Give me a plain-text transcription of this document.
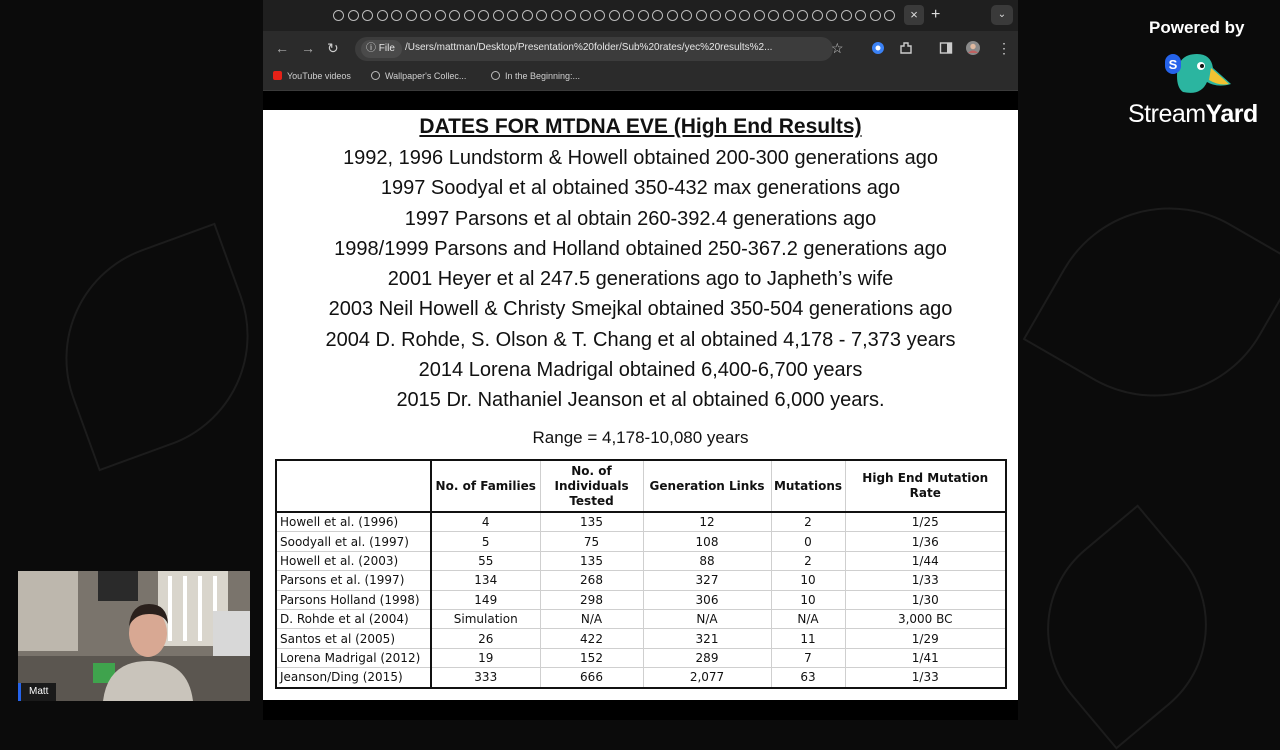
× +	⌄
← → ↻	ⓘ File	/Users/mattman/Desktop/Presentation%20folder/Sub%20rates/yec%20results%2...	☆	⋮
YouTube videos	Wallpaper's Collec...	In the Beginning:...
DATES FOR MTDNA EVE (High End Results)
1992, 1996 Lundstorm & Howell obtained 200-300 generations ago
1997 Soodyal et al obtained 350-432 max generations ago
1997 Parsons et al obtain 260-392.4 generations ago
1998/1999 Parsons and Holland obtained 250-367.2 generations ago
2001 Heyer et al 247.5 generations ago to Japheth’s wife
2003 Neil Howell & Christy Smejkal obtained 350-504 generations ago
2004 D. Rohde, S. Olson & T. Chang et al obtained 4,178 - 7,373 years
2014 Lorena Madrigal obtained 6,400-6,700 years
2015 Dr. Nathaniel Jeanson et al obtained 6,000 years.
Range = 4,178-10,080 years
	No. of Families	No. of Individuals Tested	Generation Links	Mutations	High End Mutation Rate
Howell et al. (1996)	4	135	12	2	1/25
Soodyall et al. (1997)	5	75	108	0	1/36
Howell et al. (2003)	55	135	88	2	1/44
Parsons et al. (1997)	134	268	327	10	1/33
Parsons Holland (1998)	149	298	306	10	1/30
D. Rohde et al (2004)	Simulation	N/A	N/A	N/A	3,000 BC
Santos et al (2005)	26	422	321	11	1/29
Lorena Madrigal (2012)	19	152	289	7	1/41
Jeanson/Ding (2015)	333	666	2,077	63	1/33
Powered by
S
StreamYard
Matt
